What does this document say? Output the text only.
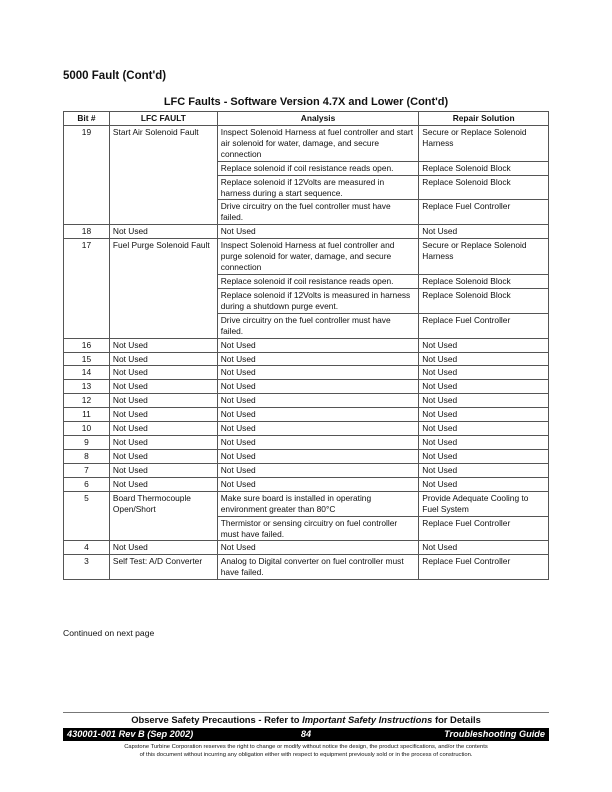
5000 Fault (Cont'd)
LFC Faults - Software Version 4.7X and Lower (Cont'd)
Bit #	LFC FAULT	Analysis	Repair Solution
19	Start Air Solenoid Fault	Inspect Solenoid Harness at fuel controller and start air solenoid for water, damage, and secure connection	Secure or Replace Solenoid Harness
		Replace solenoid if coil resistance reads open.	Replace Solenoid Block
		Replace solenoid if 12Volts are measured in harness during a start sequence.	Replace Solenoid Block
		Drive circuitry on the fuel controller must have failed.	Replace Fuel Controller
18	Not Used	Not Used	Not Used
17	Fuel Purge Solenoid Fault	Inspect Solenoid Harness at fuel controller and purge solenoid for water, damage, and secure connection	Secure or Replace Solenoid Harness
		Replace solenoid if coil resistance reads open.	Replace Solenoid Block
		Replace solenoid if 12Volts is measured in harness during a shutdown purge event.	Replace Solenoid Block
		Drive circuitry on the fuel controller must have failed.	Replace Fuel Controller
16	Not Used	Not Used	Not Used
15	Not Used	Not Used	Not Used
14	Not Used	Not Used	Not Used
13	Not Used	Not Used	Not Used
12	Not Used	Not Used	Not Used
11	Not Used	Not Used	Not Used
10	Not Used	Not Used	Not Used
9	Not Used	Not Used	Not Used
8	Not Used	Not Used	Not Used
7	Not Used	Not Used	Not Used
6	Not Used	Not Used	Not Used
5	Board Thermocouple Open/Short	Make sure board is installed in operating environment greater than 80°C	Provide Adequate Cooling to Fuel System
		Thermistor or sensing circuitry on fuel controller must have failed.	Replace Fuel Controller
4	Not Used	Not Used	Not Used
3	Self Test: A/D Converter	Analog to Digital converter on fuel controller must have failed.	Replace Fuel Controller
Continued on next page
Observe Safety Precautions - Refer to Important Safety Instructions for Details
430001-001 Rev B (Sep 2002)	84	Troubleshooting Guide
Capstone Turbine Corporation reserves the right to change or modify without notice the design, the product specifications, and/or the contents
of this document without incurring any obligation either with respect to equipment previously sold or in the process of construction.
